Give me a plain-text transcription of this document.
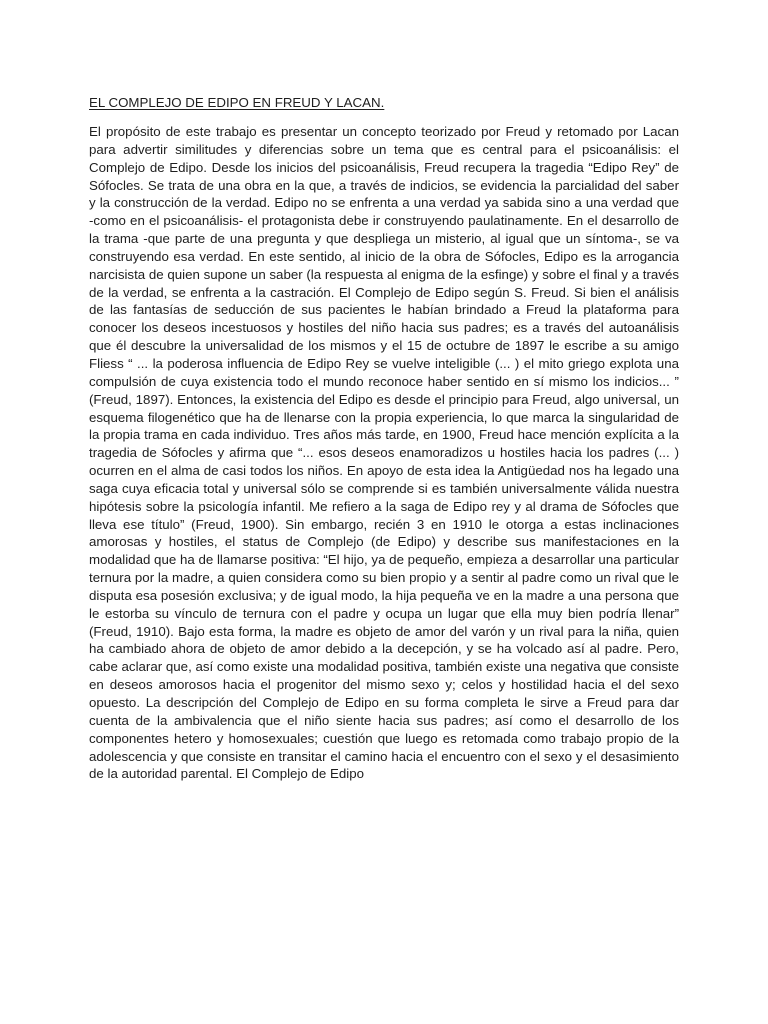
EL COMPLEJO DE EDIPO EN FREUD Y LACAN.

El propósito de este trabajo es presentar un concepto teorizado por Freud y retomado por Lacan para advertir similitudes y diferencias sobre un tema que es central para el psicoanálisis: el Complejo de Edipo. Desde los inicios del psicoanálisis, Freud recupera la tragedia “Edipo Rey” de Sófocles. Se trata de una obra en la que, a través de indicios, se evidencia la parcialidad del saber y la construcción de la verdad. Edipo no se enfrenta a una verdad ya sabida sino a una verdad que -como en el psicoanálisis- el protagonista debe ir construyendo paulatinamente. En el desarrollo de la trama -que parte de una pregunta y que despliega un misterio, al igual que un síntoma-, se va construyendo esa verdad. En este sentido, al inicio de la obra de Sófocles, Edipo es la arrogancia narcisista de quien supone un saber (la respuesta al enigma de la esfinge) y sobre el final y a través de la verdad, se enfrenta a la castración. El Complejo de Edipo según S. Freud. Si bien el análisis de las fantasías de seducción de sus pacientes le habían brindado a Freud la plataforma para conocer los deseos incestuosos y hostiles del niño hacia sus padres; es a través del autoanálisis que él descubre la universalidad de los mismos y el 15 de octubre de 1897 le escribe a su amigo Fliess “ ... la poderosa influencia de Edipo Rey se vuelve inteligible (... ) el mito griego explota una compulsión de cuya existencia todo el mundo reconoce haber sentido en sí mismo los indicios... ” (Freud, 1897). Entonces, la existencia del Edipo es desde el principio para Freud, algo universal, un esquema filogenético que ha de llenarse con la propia experiencia, lo que marca la singularidad de la propia trama en cada individuo. Tres años más tarde, en 1900, Freud hace mención explícita a la tragedia de Sófocles y afirma que “... esos deseos enamoradizos u hostiles hacia los padres (... ) ocurren en el alma de casi todos los niños. En apoyo de esta idea la Antigüedad nos ha legado una saga cuya eficacia total y universal sólo se comprende si es también universalmente válida nuestra hipótesis sobre la psicología infantil. Me refiero a la saga de Edipo rey y al drama de Sófocles que lleva ese título” (Freud, 1900). Sin embargo, recién 3 en 1910 le otorga a estas inclinaciones amorosas y hostiles, el status de Complejo (de Edipo) y describe sus manifestaciones en la modalidad que ha de llamarse positiva: “El hijo, ya de pequeño, empieza a desarrollar una particular ternura por la madre, a quien considera como su bien propio y a sentir al padre como un rival que le disputa esa posesión exclusiva; y de igual modo, la hija pequeña ve en la madre a una persona que le estorba su vínculo de ternura con el padre y ocupa un lugar que ella muy bien podría llenar” (Freud, 1910). Bajo esta forma, la madre es objeto de amor del varón y un rival para la niña, quien ha cambiado ahora de objeto de amor debido a la decepción, y se ha volcado así al padre. Pero, cabe aclarar que, así como existe una modalidad positiva, también existe una negativa que consiste en deseos amorosos hacia el progenitor del mismo sexo y; celos y hostilidad hacia el del sexo opuesto. La descripción del Complejo de Edipo en su forma completa le sirve a Freud para dar cuenta de la ambivalencia que el niño siente hacia sus padres; así como el desarrollo de los componentes hetero y homosexuales; cuestión que luego es retomada como trabajo propio de la adolescencia y que consiste en transitar el camino hacia el encuentro con el sexo y el desasimiento de la autoridad parental. El Complejo de Edipo
